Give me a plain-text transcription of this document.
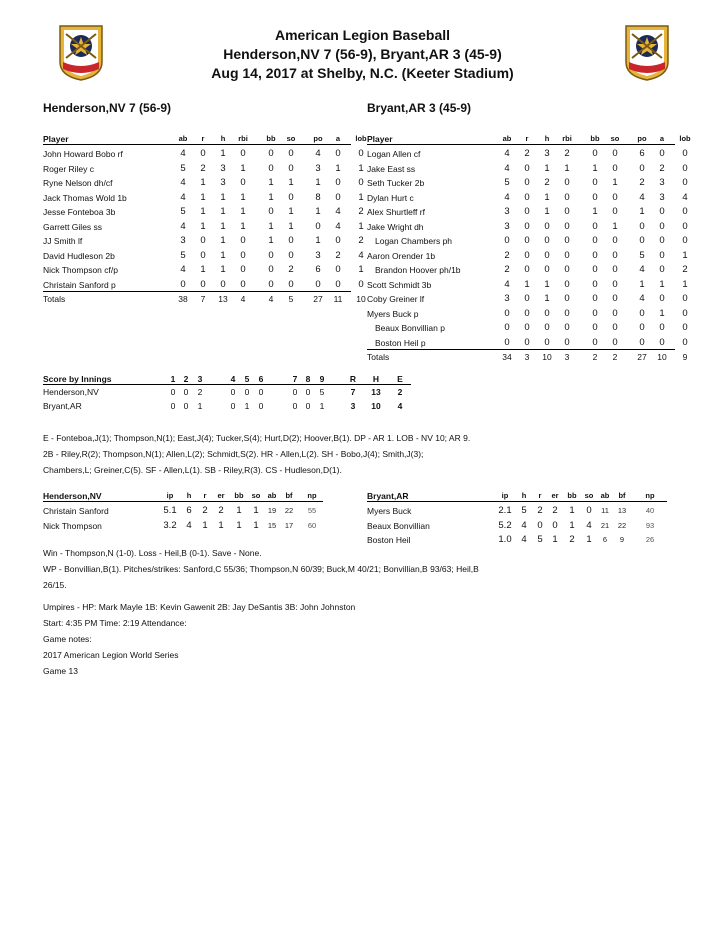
American Legion Baseball
Henderson,NV 7 (56-9), Bryant,AR 3 (45-9)
Aug 14, 2017 at Shelby, N.C. (Keeter Stadium)
Henderson,NV 7 (56-9)	Bryant,AR 3 (45-9)
Player	ab	r	h	rbi	bb	so	po	a	lob
John Howard Bobo rf	4	0	1	0	0	0	4	0	0
Roger Riley c	5	2	3	1	0	0	3	1	1
Ryne Nelson dh/cf	4	1	3	0	1	1	1	0	0
Jack Thomas Wold 1b	4	1	1	1	1	0	8	0	1
Jesse Fonteboa 3b	5	1	1	1	0	1	1	4	2
Garrett Giles ss	4	1	1	1	1	1	0	4	1
JJ Smith lf	3	0	1	0	1	0	1	0	2
David Hudleson 2b	5	0	1	0	0	0	3	2	4
Nick Thompson cf/p	4	1	1	0	0	2	6	0	1
Christain Sanford p	0	0	0	0	0	0	0	0	0
Totals	38	7	13	4	4	5	27	11	10
Player	ab	r	h	rbi	bb	so	po	a	lob
Logan Allen cf	4	2	3	2	0	0	6	0	0
Jake East ss	4	0	1	1	1	0	0	2	0
Seth Tucker 2b	5	0	2	0	0	1	2	3	0
Dylan Hurt c	4	0	1	0	0	0	4	3	4
Alex Shurtleff rf	3	0	1	0	1	0	1	0	0
Jake Wright dh	3	0	0	0	0	1	0	0	0
Logan Chambers ph	0	0	0	0	0	0	0	0	0
Aaron Orender 1b	2	0	0	0	0	0	5	0	1
Brandon Hoover ph/1b	2	0	0	0	0	0	4	0	2
Scott Schmidt 3b	4	1	1	0	0	0	1	1	1
Coby Greiner lf	3	0	1	0	0	0	4	0	0
Myers Buck p	0	0	0	0	0	0	0	1	0
Beaux Bonvillian p	0	0	0	0	0	0	0	0	0
Boston Heil p	0	0	0	0	0	0	0	0	0
Totals	34	3	10	3	2	2	27	10	9
Score by Innings	1 2	3	4	5	6	7 8	9	R	H	E
Henderson,NV	0 0	2	0	0	0	0 0	5	7	13	2
Bryant,AR	0 0	1	0	1	0	0 0	1	3	10	4
E - Fonteboa,J(1); Thompson,N(1); East,J(4); Tucker,S(4); Hurt,D(2); Hoover,B(1). DP - AR 1. LOB - NV 10; AR 9.
2B - Riley,R(2); Thompson,N(1); Allen,L(2); Schmidt,S(2). HR - Allen,L(2). SH - Bobo,J(4); Smith,J(3);
Chambers,L; Greiner,C(5). SF - Allen,L(1). SB - Riley,R(3). CS - Hudleson,D(1).
Henderson,NV	ip	h	r	er	bb	so ab	bf	np
Christain Sanford	5.1	6	2	2	1	1	19	22	55
Nick Thompson	3.2	4	1	1	1	1	15	17	60
Bryant,AR	ip	h	r	er	bb	so ab	bf	np
Myers Buck	2.1	5	2	2	1	0	11	13	40
Beaux Bonvillian	5.2	4	0	0	1	4	21	22	93
Boston Heil	1.0	4	5	1	2	1	6	9	26
Win - Thompson,N (1-0). Loss - Heil,B (0-1). Save - None.
WP - Bonvillian,B(1). Pitches/strikes: Sanford,C 55/36; Thompson,N 60/39; Buck,M 40/21; Bonvillian,B 93/63; Heil,B
26/15.
Umpires - HP: Mark Mayle 1B: Kevin Gawenit 2B: Jay DeSantis 3B: John Johnston
Start: 4:35 PM Time: 2:19 Attendance:
Game notes:
2017 American Legion World Series
Game 13
